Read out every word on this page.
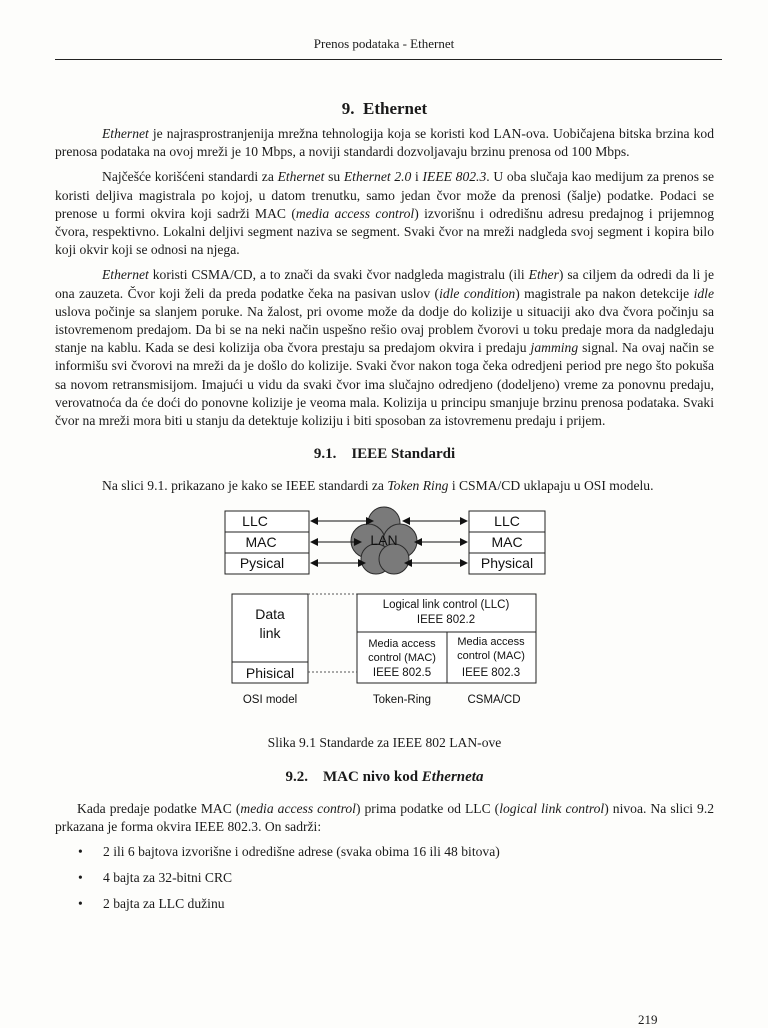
Prenos podataka - Ethernet
9. Ethernet

Ethernet je najrasprostranjenija mrežna tehnologija koja se koristi kod LAN-ova. Uobičajena bitska brzina kod prenosa podataka na ovoj mreži je 10 Mbps, a noviji standardi dozvoljavaju brzinu prenosa od 100 Mbps.

Najčešće korišćeni standardi za Ethernet su Ethernet 2.0 i IEEE 802.3. U oba slučaja kao medijum za prenos se koristi deljiva magistrala po kojoj, u datom trenutku, samo jedan čvor može da prenosi (šalje) podatke. Podaci se prenose u formi okvira koji sadrži MAC (media access control) izvorišnu i odredišnu adresu predajnog i prijemnog čvora, respektivno. Lokalni deljivi segment naziva se segment. Svaki čvor na mreži nadgleda svoj segment i kopira bilo koji okvir koji se odnosi na njega.

Ethernet koristi CSMA/CD, a to znači da svaki čvor nadgleda magistralu (ili Ether) sa ciljem da odredi da li je ona zauzeta. Čvor koji želi da preda podatke čeka na pasivan uslov (idle condition) magistrale pa nakon detekcije idle uslova počinje sa slanjem poruke. Na žalost, pri ovome može da dodje do kolizije u situaciji ako dva čvora počinju sa istovremenom predajom. Da bi se na neki način uspešno rešio ovaj problem čvorovi u toku predaje mora da nadgledaju stanje na kablu. Kada se desi kolizija oba čvora prestaju sa predajom okvira i predaju jamming signal. Na ovaj način se informišu svi čvorovi na mreži da je došlo do kolizije. Svaki čvor nakon toga čeka odredjeni period pre nego što pokuša sa novom retransmisijom. Imajući u vidu da svaki čvor ima slučajno odredjeno (dodeljeno) vreme za ponovnu predaju, verovatnoća da će doći do ponovne kolizije je veoma mala. Kolizija u principu smanjuje brzinu prenosa podataka. Svaki čvor na mreži mora biti u stanju da detektuje koliziju i biti sposoban za istovremenu predaju i prijem.

9.1. IEEE Standardi

Na slici 9.1. prikazano je kako se IEEE standardi za Token Ring i CSMA/CD uklapaju u OSI modelu.

LAN
LLC
MAC
Pysical
LLC
MAC
Physical
Data
link
Phisical
Logical link control (LLC)
IEEE 802.2
Media access
control (MAC)
IEEE 802.5
Media access
control (MAC)
IEEE 802.3
OSI model	Token-Ring	CSMA/CD
Slika 9.1 Standarde za IEEE 802 LAN-ove
9.2. MAC nivo kod Etherneta

Kada predaje podatke MAC (media access control) prima podatke od LLC (logical link control) nivoa. Na slici 9.2 prkazana je forma okvira IEEE 802.3. On sadrži:

• 2 ili 6 bajtova izvorišne i odredišne adrese (svaka obima 16 ili 48 bitova)
• 4 bajta za 32-bitni CRC
• 2 bajta za LLC dužinu
219
